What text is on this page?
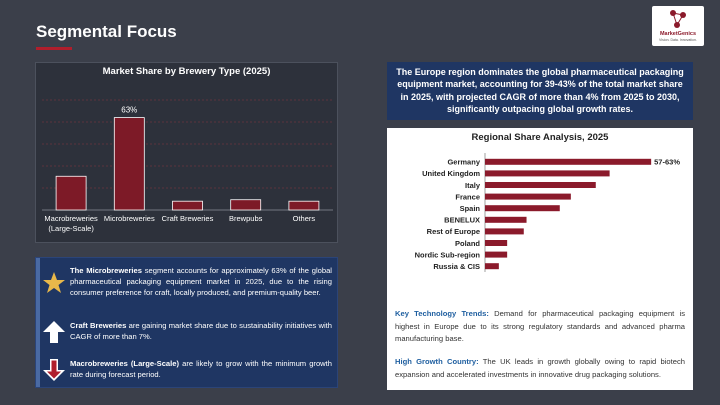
Segmental Focus	MarketGenics
Vision. Data. Innovation.
Macrobreweries
(Large-Scale)
63%
Microbreweries Craft Breweries Brewpubs	Others
Market Share by Brewery Type (2025)
The Microbreweries segment accounts for approximately 63% of the global pharmaceutical packaging equipment market in 2025, due to the rising consumer preference for craft, locally produced, and premium-quality beer.
Craft Breweries are gaining market share due to sustainability initiatives with CAGR of more than 7%.
Macrobreweries (Large-Scale) are likely to grow with the minimum growth rate during forecast period.
The Europe region dominates the global pharmaceutical packaging equipment market, accounting for 39-43% of the total market share in 2025, with projected CAGR of more than 4% from 2025 to 2030, significantly outpacing global growth rates.
Germany	57-63%
United Kingdom
Italy
France
Spain
BENELUX
Rest of Europe
Poland
Nordic Sub-region
Russia & CIS
Regional Share Analysis, 2025
Key Technology Trends: Demand for pharmaceutical packaging equipment is highest in Europe due to its strong regulatory standards and advanced pharma manufacturing base.
High Growth Country: The UK leads in growth globally owing to rapid biotech expansion and accelerated investments in innovative drug packaging solutions.
